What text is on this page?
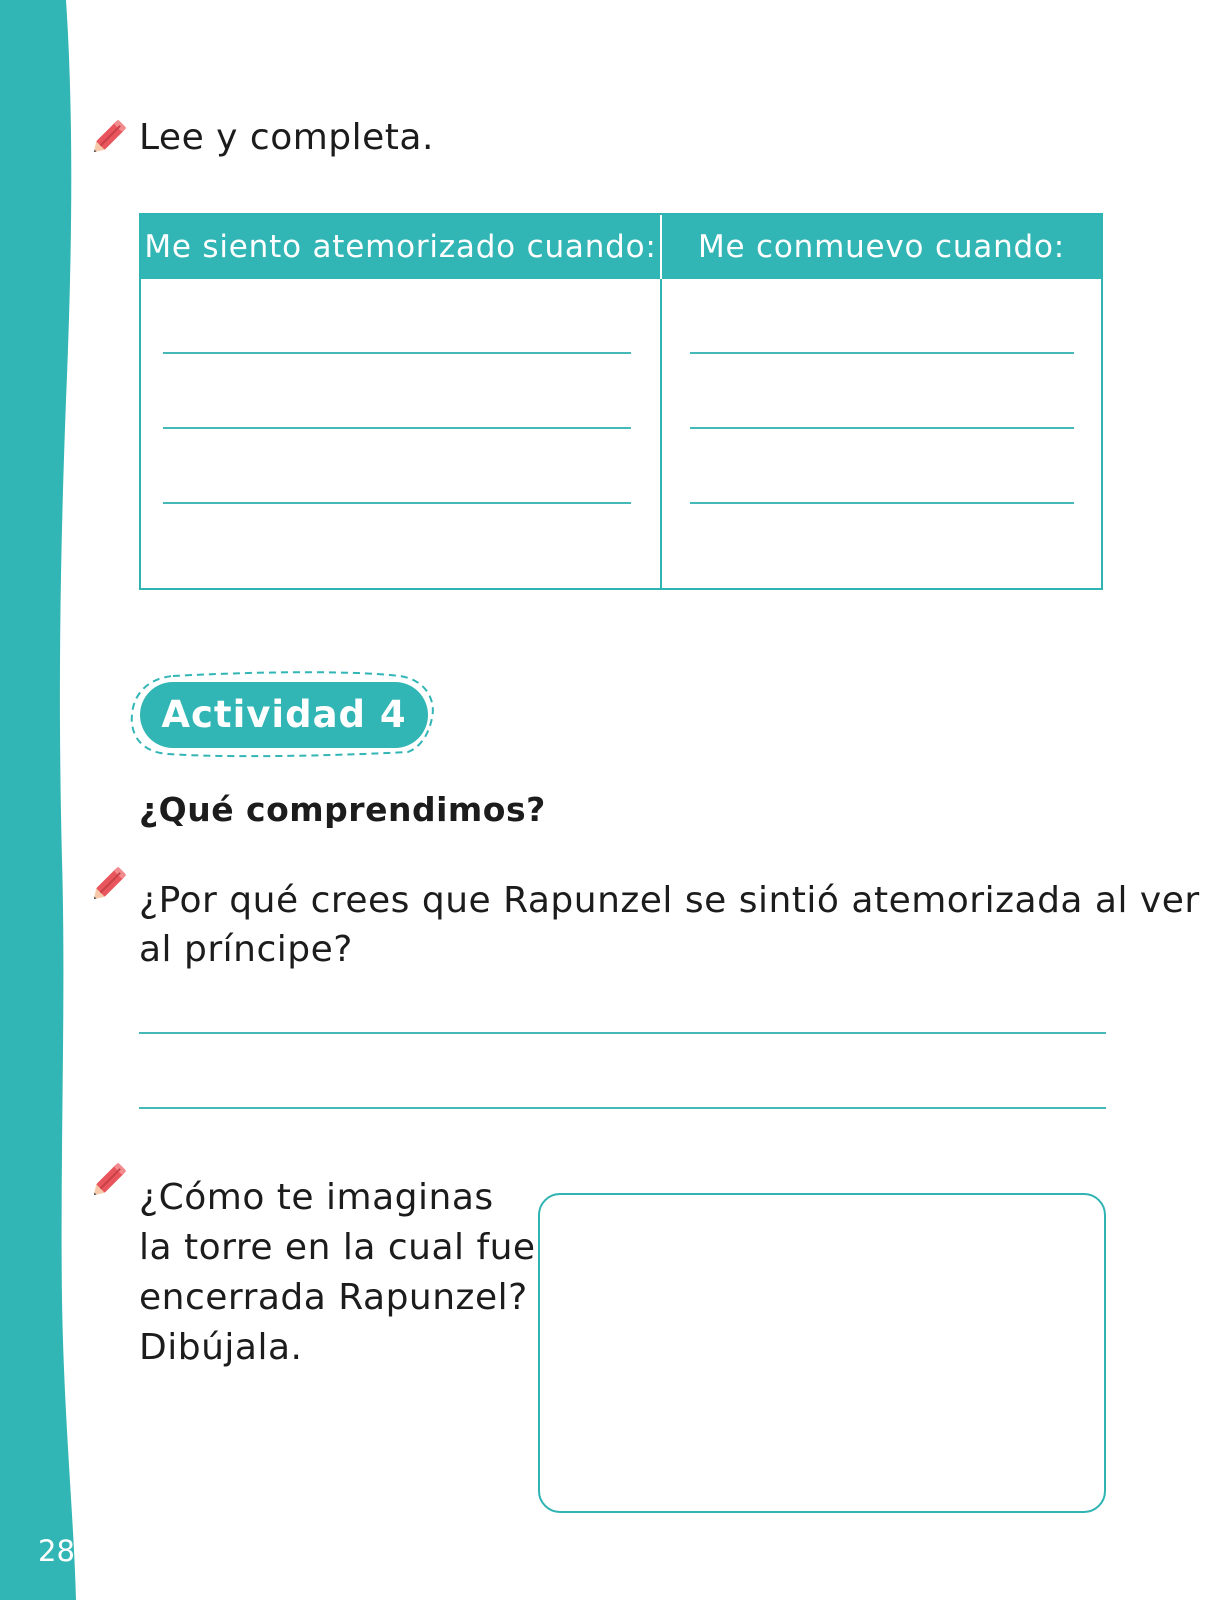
28
Lee y completa.
Me siento atemorizado cuando:	Me conmuevo cuando:
Actividad 4
¿Qué comprendimos?
¿Por qué crees que Rapunzel se sintió atemorizada al ver
al príncipe?
¿Cómo te imaginas
la torre en la cual fue
encerrada Rapunzel?
Dibújala.
